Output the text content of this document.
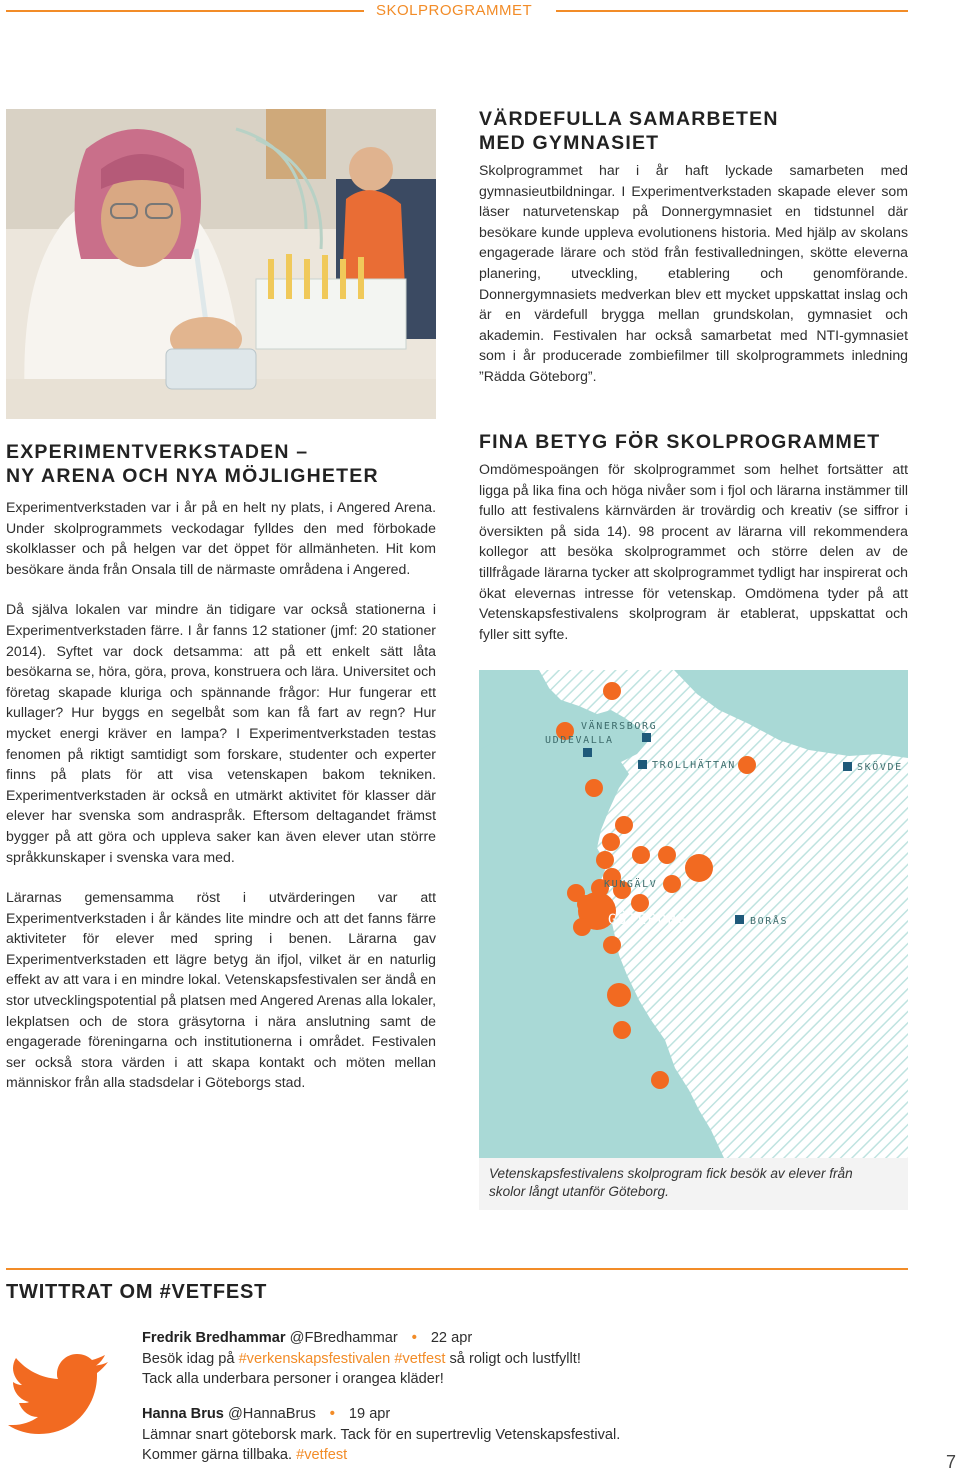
SKOLPROGRAMMET
VÄRDEFULLA SAMARBETEN
MED GYMNASIET
Skolprogrammet har i år haft lyckade samarbeten med gymnasieutbildningar. I Experimentverkstaden skapade elever som läser naturvetenskap på Donnergymnasiet en tidstunnel där besökare kunde uppleva evolutionens historia. Med hjälp av skolans engagerade lärare och stöd från festivalledningen, skötte eleverna planering, utveckling, etablering och genomförande. Donnergymnasiets medverkan blev ett mycket uppskattat inslag och är en värdefull brygga mellan grundskolan, gymnasiet och akademin. Festivalen har också samarbetat med NTI-gymnasiet som i år producerade zombiefilmer till skolprogrammets inledning ”Rädda Göteborg”.
EXPERIMENTVERKSTADEN –
NY ARENA OCH NYA MÖJLIGHETER

Experimentverkstaden var i år på en helt ny plats, i Angered Arena. Under skolprogrammets veckodagar fylldes den med förbokade skolklasser och på helgen var det öppet för allmänheten. Hit kom besökare ända från Onsala till de närmaste områdena i Angered.

Då själva lokalen var mindre än tidigare var också stationerna i Experimentverkstaden färre. I år fanns 12 stationer (jmf: 20 stationer 2014). Syftet var dock detsamma: att på ett enkelt sätt låta besökarna se, höra, göra, prova, konstruera och lära. Universitet och företag skapade kluriga och spännande frågor: Hur fungerar ett kullager? Hur byggs en segelbåt som kan få fart av regn? Hur mycket energi kräver en lampa? I Experimentverkstaden testas fenomen på riktigt samtidigt som forskare, studenter och experter finns på plats för att visa vetenskapen bakom tekniken. Experimentverkstaden är också en utmärkt aktivitet för klasser där elever har svenska som andraspråk. Eftersom deltagandet främst bygger på att göra och uppleva saker kan även elever utan större språkkunskaper i svenska vara med.

Lärarnas gemensamma röst i utvärderingen var att Experimentverkstaden i år kändes lite mindre och att det fanns färre aktiviteter för elever med spring i benen. Lärarna gav Experimentverkstaden ett lägre betyg än ifjol, vilket är en naturlig effekt av att vara i en mindre lokal. Vetenskapsfestivalen ser ändå en stor utvecklingspotential på platsen med Angered Arenas alla lokaler, lekplatsen och de stora gräsytorna i nära anslutning samt de engagerade föreningarna och institutionerna i området. Festivalen ser också stora värden i att skapa kontakt och möten mellan människor från alla stadsdelar i Göteborgs stad.

FINA BETYG FÖR SKOLPROGRAMMET
Omdömespoängen för skolprogrammet som helhet fortsätter att ligga på lika fina och höga nivåer som i fjol och lärarna instämmer till fullo att festivalens kärnvärden är trovärdig och kreativ (se siffror i översikten på sida 14). 98 procent av lärarna vill rekommendera kollegor att besöka skolprogrammet och större delen av de tillfrågade lärarna tycker att skolprogrammet tydligt har inspirerat och ökat elevernas intresse för vetenskap. Omdömena tyder på att Vetenskapsfestivalens skolprogram är etablerat, uppskattat och fyller sitt syfte.
VÄNERSBORG
UDDEVALLA
TROLLHÄTTAN	SKÖVDE
KUNGÄLV
GÖTEBORG	BORÅS
Vetenskapsfestivalens skolprogram fick besök av elever från skolor långt utanför Göteborg.
TWITTRAT OM #VETFEST
Fredrik Bredhammar @FBredhammar • 22 apr
Besök idag på #verkenskapsfestivalen #vetfest så roligt och lustfyllt!
Tack alla underbara personer i orangea kläder!
Hanna Brus @HannaBrus • 19 apr
Lämnar snart göteborsk mark. Tack för en supertrevlig Vetenskapsfestival.
Kommer gärna tillbaka. #vetfest	7
